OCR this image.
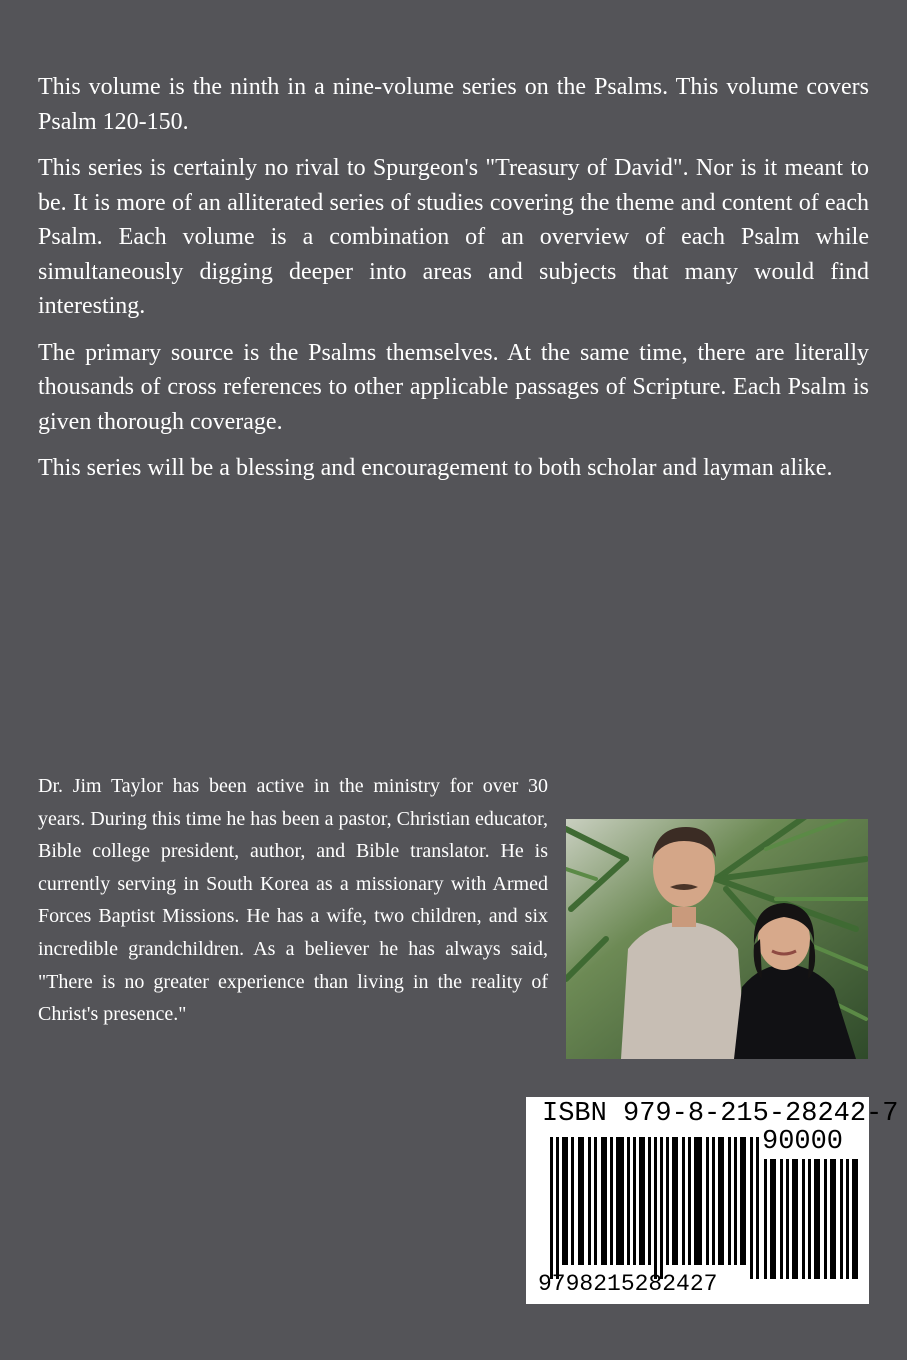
This volume is the ninth in a nine-volume series on the Psalms. This volume covers Psalm 120-150.

This series is certainly no rival to Spurgeon's "Treasury of David". Nor is it meant to be. It is more of an alliterated series of studies covering the theme and content of each Psalm. Each volume is a combination of an overview of each Psalm while simultaneously digging deeper into areas and subjects that many would find interesting.

The primary source is the Psalms themselves. At the same time, there are literally thousands of cross references to other applicable passages of Scripture. Each Psalm is given thorough coverage.

This series will be a blessing and encouragement to both scholar and layman alike.

Dr. Jim Taylor has been active in the ministry for over 30 years. During this time he has been a pastor, Christian educator, Bible college president, author, and Bible translator. He is currently serving in South Korea as a missionary with Armed Forces Baptist Missions. He has a wife, two children, and six incredible grandchildren. As a believer he has always said, "There is no greater experience than living in the reality of Christ's presence."

ISBN 979-8-215-28242-7
90000
9798215282427
